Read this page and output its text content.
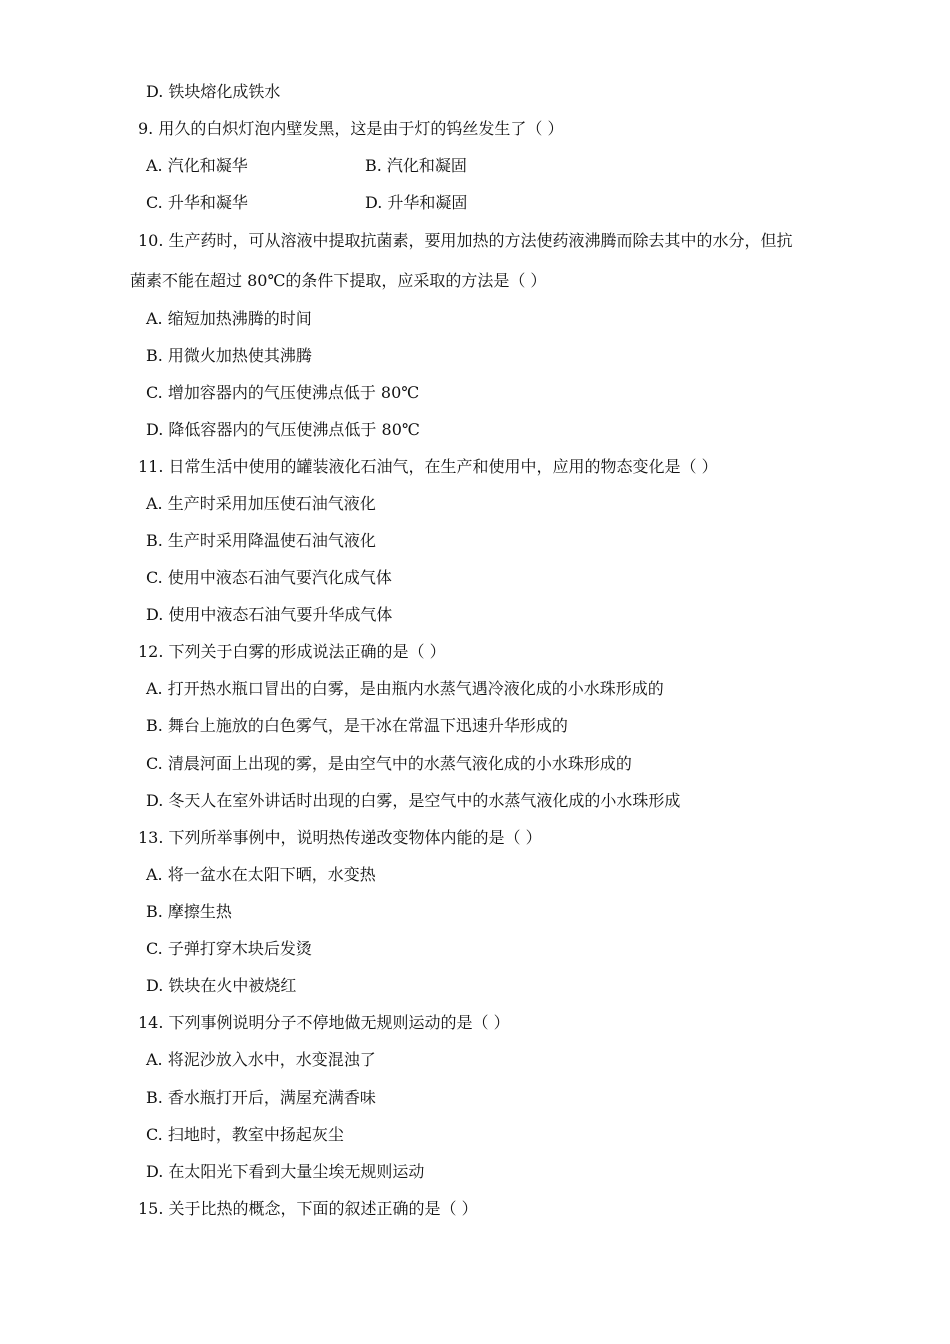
D. 铁块熔化成铁水
9. 用久的白炽灯泡内壁发黑，这是由于灯的钨丝发生了（ ）
A. 汽化和凝华	B. 汽化和凝固
C. 升华和凝华	D. 升华和凝固
10. 生产药时，可从溶液中提取抗菌素，要用加热的方法使药液沸腾而除去其中的水分，但抗
菌素不能在超过 80℃的条件下提取，应采取的方法是（ ）
A. 缩短加热沸腾的时间
B. 用微火加热使其沸腾
C. 增加容器内的气压使沸点低于 80℃
D. 降低容器内的气压使沸点低于 80℃
11. 日常生活中使用的罐装液化石油气，在生产和使用中，应用的物态变化是（ ）
A. 生产时采用加压使石油气液化
B. 生产时采用降温使石油气液化
C. 使用中液态石油气要汽化成气体
D. 使用中液态石油气要升华成气体
12. 下列关于白雾的形成说法正确的是（ ）
A. 打开热水瓶口冒出的白雾，是由瓶内水蒸气遇冷液化成的小水珠形成的
B. 舞台上施放的白色雾气，是干冰在常温下迅速升华形成的
C. 清晨河面上出现的雾，是由空气中的水蒸气液化成的小水珠形成的
D. 冬天人在室外讲话时出现的白雾，是空气中的水蒸气液化成的小水珠形成
13. 下列所举事例中，说明热传递改变物体内能的是（ ）
A. 将一盆水在太阳下晒，水变热
B. 摩擦生热
C. 子弹打穿木块后发烫
D. 铁块在火中被烧红
14. 下列事例说明分子不停地做无规则运动的是（ ）
A. 将泥沙放入水中，水变混浊了
B. 香水瓶打开后，满屋充满香味
C. 扫地时，教室中扬起灰尘
D. 在太阳光下看到大量尘埃无规则运动
15. 关于比热的概念，下面的叙述正确的是（ ）
